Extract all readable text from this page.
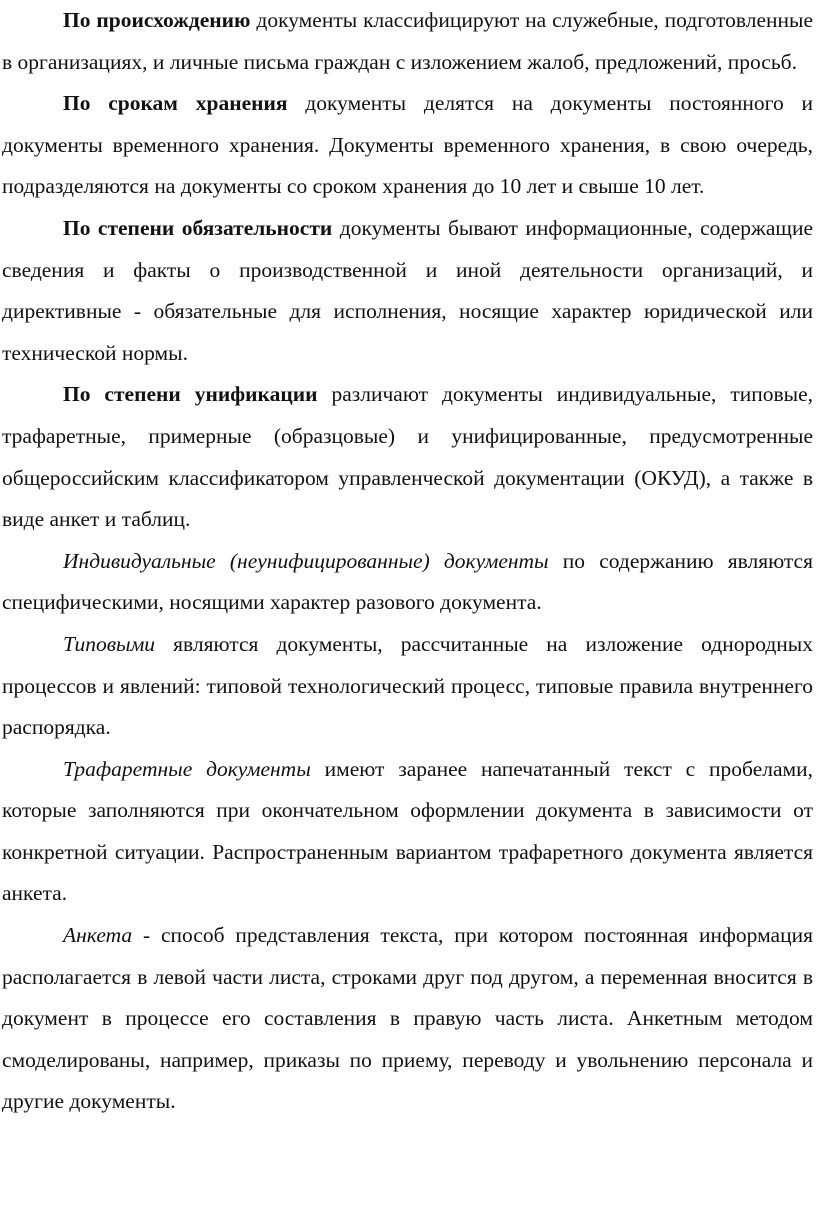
По происхождению документы классифицируют на служебные, подготовленные в организациях, и личные письма граждан с изложением жалоб, предложений, просьб.

По срокам хранения документы делятся на документы постоянного и документы временного хранения. Документы временного хранения, в свою очередь, подразделяются на документы со сроком хранения до 10 лет и свыше 10 лет.

По степени обязательности документы бывают информационные, содержащие сведения и факты о производственной и иной деятельности организаций, и директивные - обязательные для исполнения, носящие характер юридической или технической нормы.

По степени унификации различают документы индивидуальные, типовые, трафаретные, примерные (образцовые) и унифицированные, предусмотренные общероссийским классификатором управленческой документации (ОКУД), а также в виде анкет и таблиц.

Индивидуальные (неунифицированные) документы по содержанию являются специфическими, носящими характер разового документа.

Типовыми являются документы, рассчитанные на изложение однородных процессов и явлений: типовой технологический процесс, типовые правила внутреннего распорядка.

Трафаретные документы имеют заранее напечатанный текст с пробелами, которые заполняются при окончательном оформлении документа в зависимости от конкретной ситуации. Распространенным вариантом трафаретного документа является анкета.

Анкета - способ представления текста, при котором постоянная информация располагается в левой части листа, строками друг под другом, а переменная вносится в документ в процессе его составления в правую часть листа. Анкетным методом смоделированы, например, приказы по приему, переводу и увольнению персонала и другие документы.
